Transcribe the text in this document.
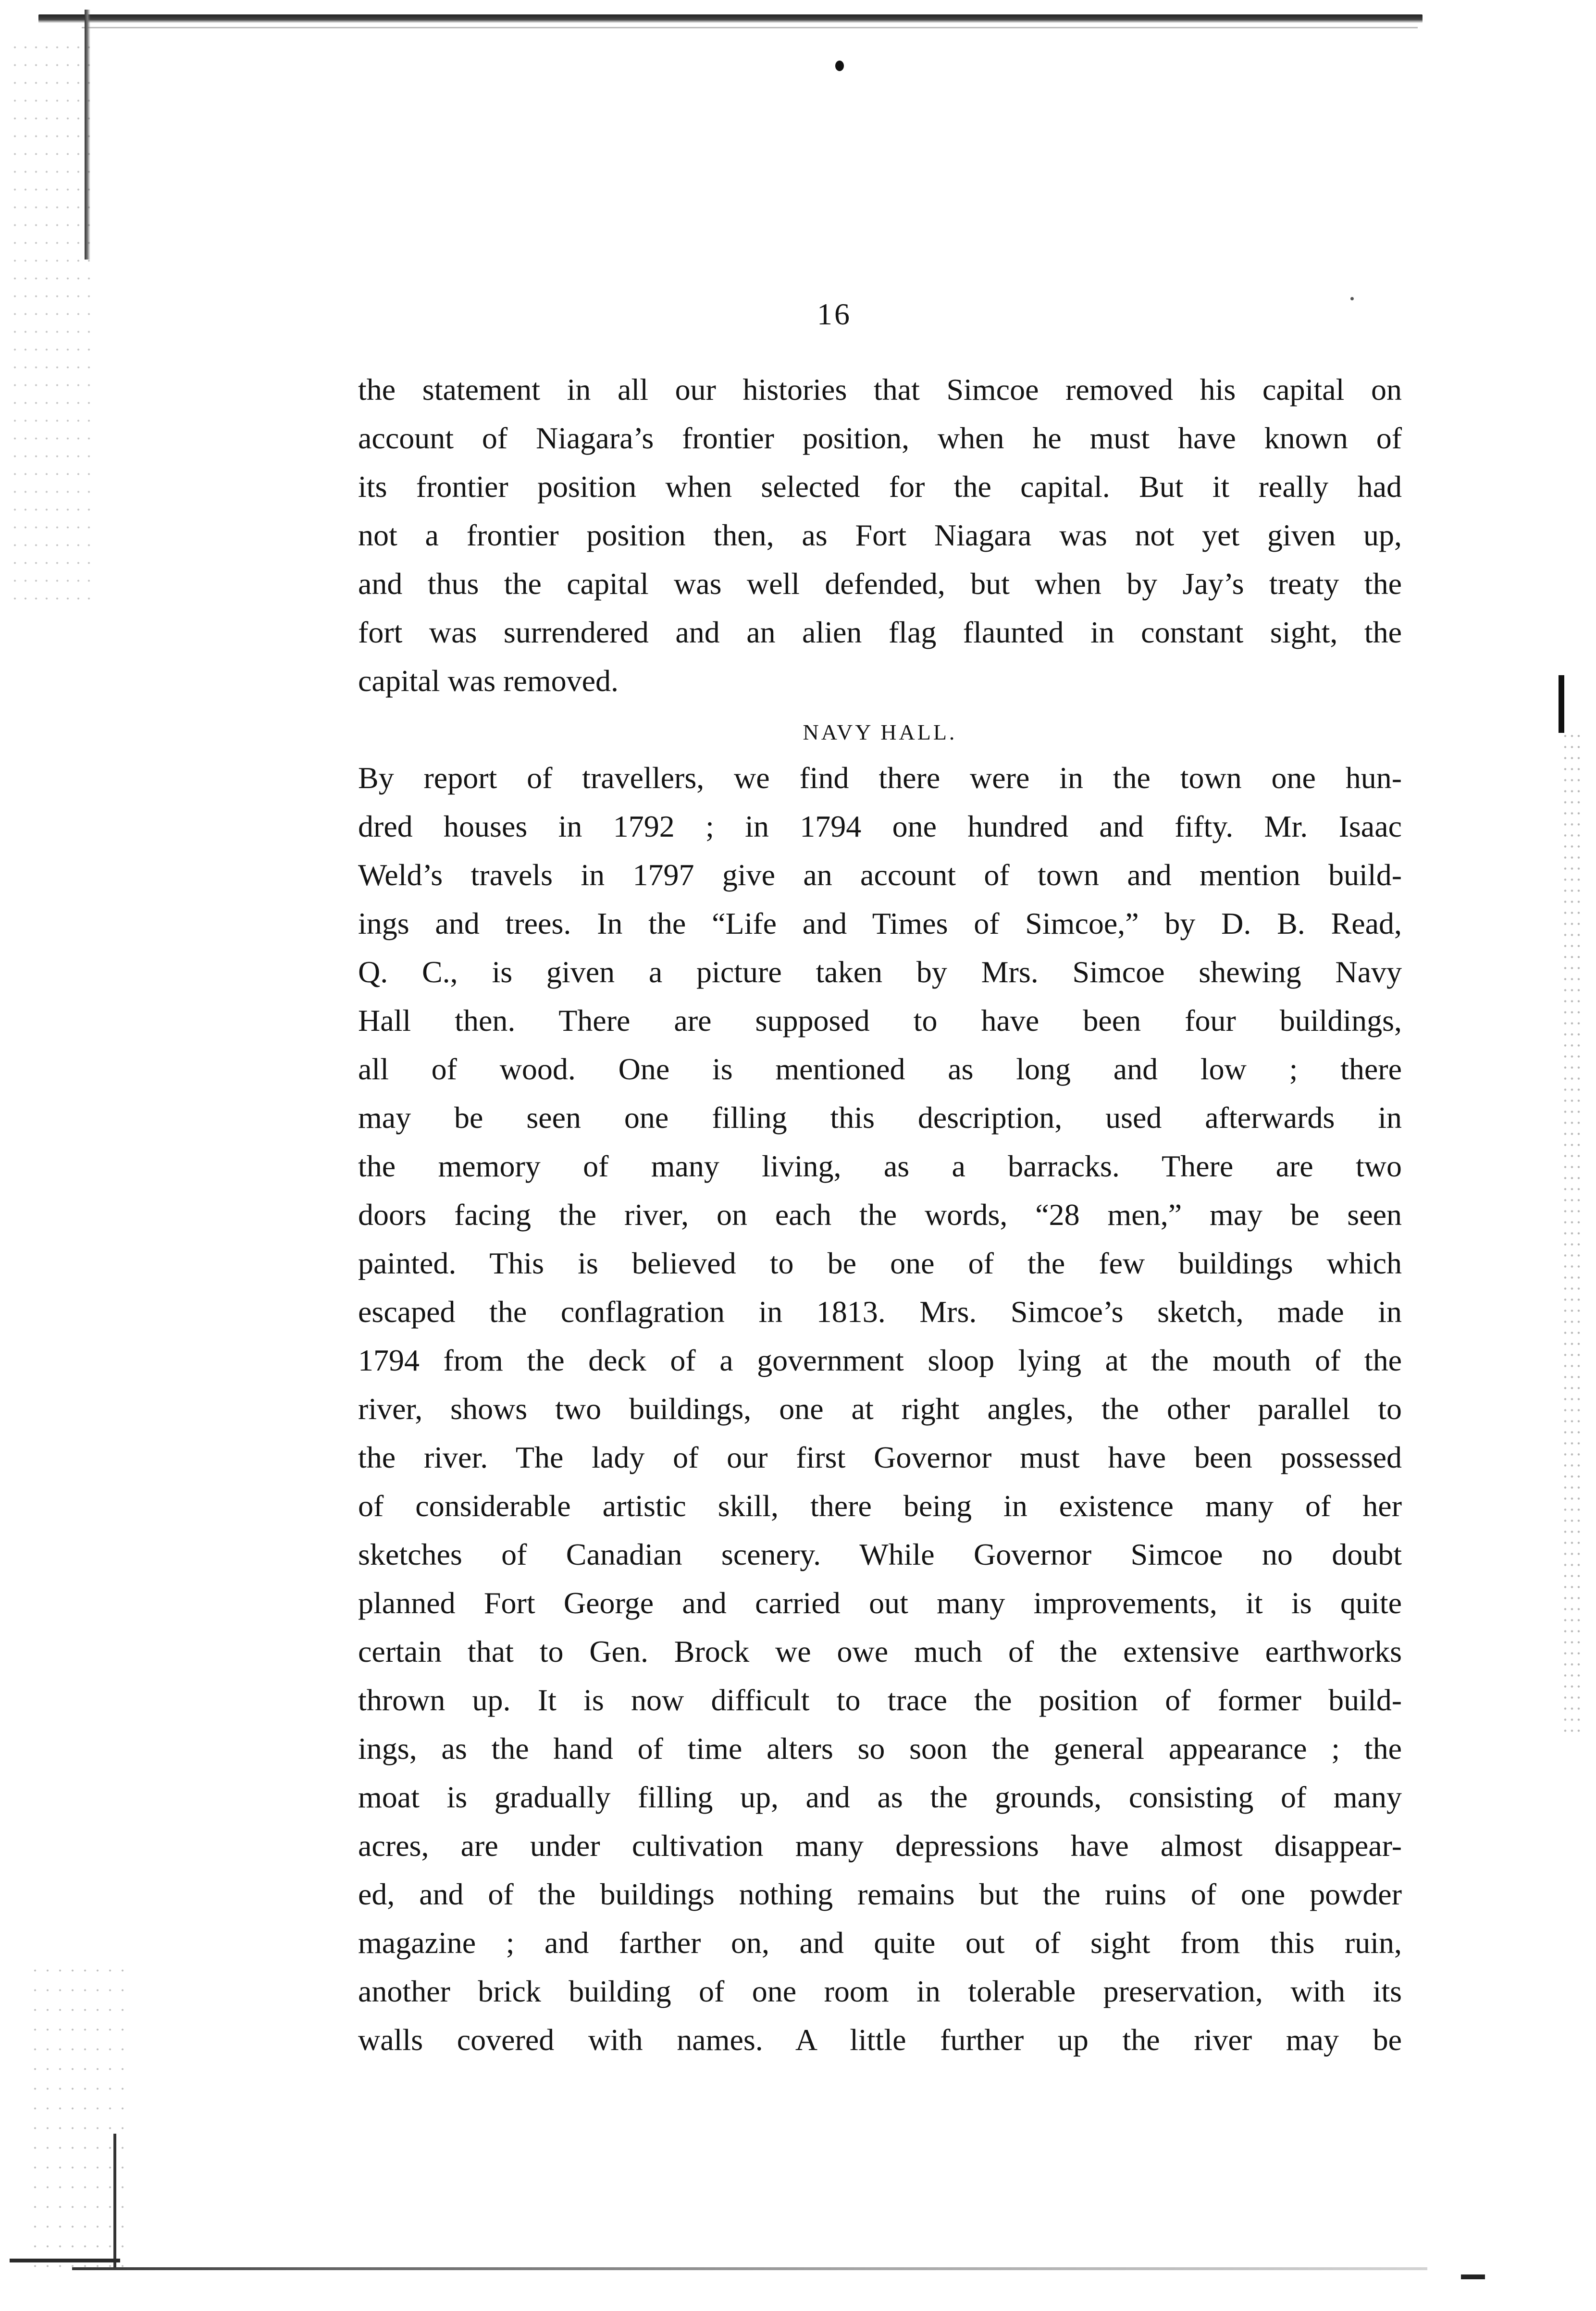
16

the statement in all our histories that Simcoe removed his capital on
account of Niagara’s frontier position, when he must have known of
its frontier position when selected for the capital. But it really had
not a frontier position then, as Fort Niagara was not yet given up,
and thus the capital was well defended, but when by Jay’s treaty the
fort was surrendered and an alien flag flaunted in constant sight, the
capital was removed.
NAVY HALL.
By report of travellers, we find there were in the town one hun-
dred houses in 1792 ; in 1794 one hundred and fifty. Mr. Isaac
Weld’s travels in 1797 give an account of town and mention build-
ings and trees. In the “Life and Times of Simcoe,” by D. B. Read,
Q. C., is given a picture taken by Mrs. Simcoe shewing Navy
Hall then. There are supposed to have been four buildings,
all of wood. One is mentioned as long and low ; there
may be seen one filling this description, used afterwards in
the memory of many living, as a barracks. There are two
doors facing the river, on each the words, “28 men,” may be seen
painted. This is believed to be one of the few buildings which
escaped the conflagration in 1813. Mrs. Simcoe’s sketch, made in
1794 from the deck of a government sloop lying at the mouth of the
river, shows two buildings, one at right angles, the other parallel to
the river. The lady of our first Governor must have been possessed
of considerable artistic skill, there being in existence many of her
sketches of Canadian scenery. While Governor Simcoe no doubt
planned Fort George and carried out many improvements, it is quite
certain that to Gen. Brock we owe much of the extensive earthworks
thrown up. It is now difficult to trace the position of former build-
ings, as the hand of time alters so soon the general appearance ; the
moat is gradually filling up, and as the grounds, consisting of many
acres, are under cultivation many depressions have almost disappear-
ed, and of the buildings nothing remains but the ruins of one powder
magazine ; and farther on, and quite out of sight from this ruin,
another brick building of one room in tolerable preservation, with its
walls covered with names. A little further up the river may be
